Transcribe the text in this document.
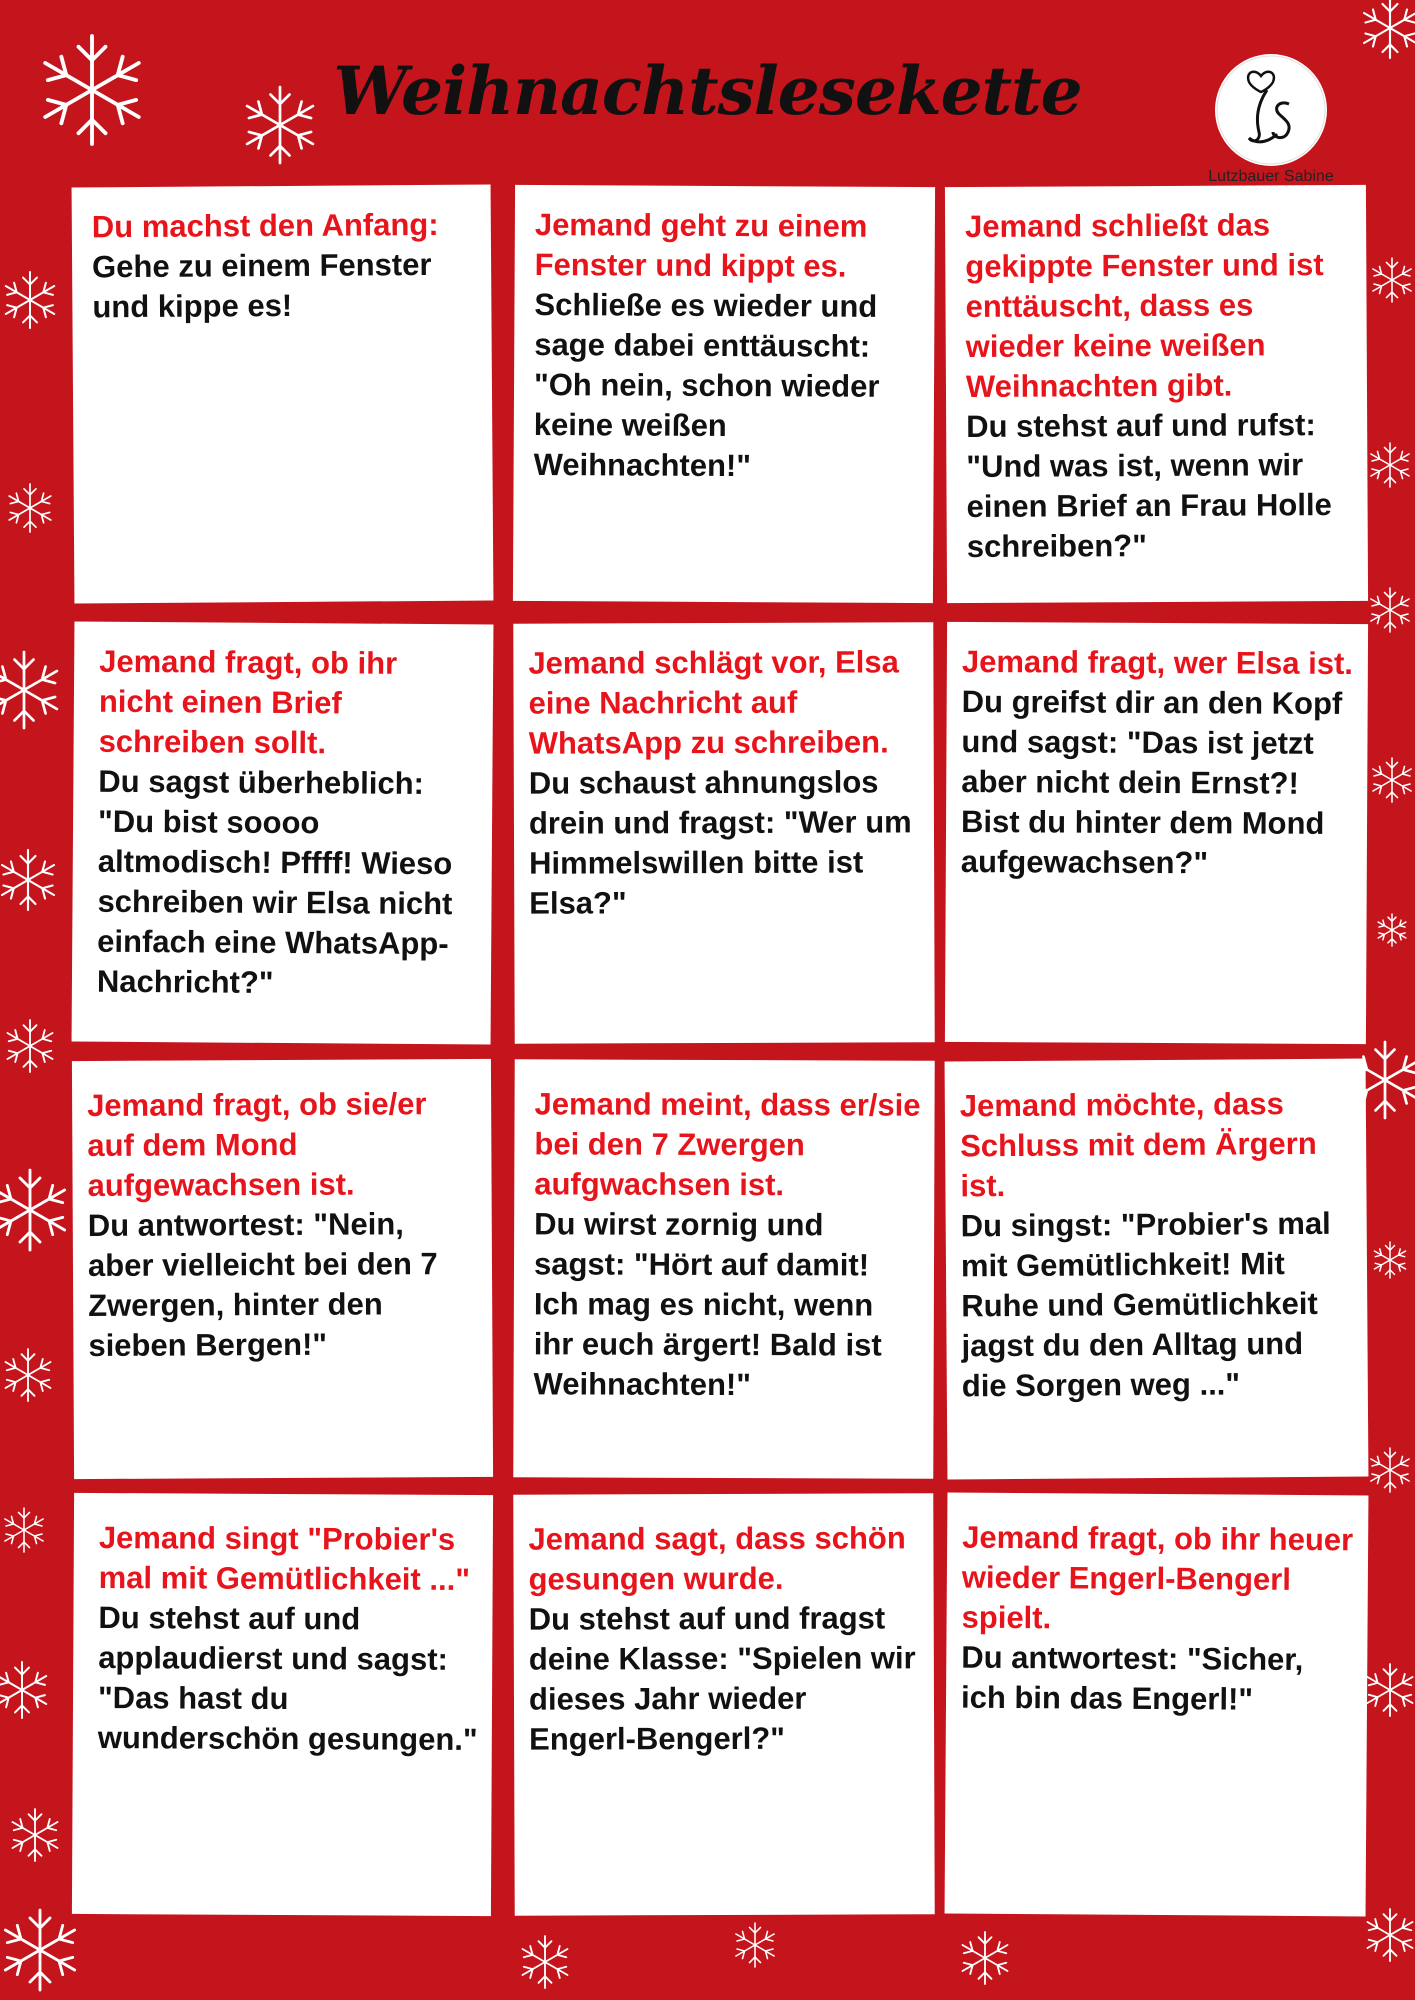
Weihnachtslesekette
Lutzbauer Sabine

Du machst den Anfang:

Gehe zu einem Fenster und kippe es!

Jemand geht zu einem Fenster und kippt es.

Schließe es wieder und sage dabei enttäuscht: "Oh nein, schon wieder keine weißen Weihnachten!"

Jemand schließt das gekippte Fenster und ist enttäuscht, dass es wieder keine weißen Weihnachten gibt.

Du stehst auf und rufst: "Und was ist, wenn wir einen Brief an Frau Holle schreiben?"

Jemand fragt, ob ihr nicht einen Brief schreiben sollt.

Du sagst überheblich: "Du bist soooo altmodisch! Pffff! Wieso schreiben wir Elsa nicht einfach eine WhatsApp-Nachricht?"

Jemand schlägt vor, Elsa eine Nachricht auf WhatsApp zu schreiben.

Du schaust ahnungslos drein und fragst: "Wer um Himmelswillen bitte ist Elsa?"

Jemand fragt, wer Elsa ist.

Du greifst dir an den Kopf und sagst: "Das ist jetzt aber nicht dein Ernst?! Bist du hinter dem Mond aufgewachsen?"

Jemand fragt, ob sie/er auf dem Mond aufgewachsen ist.

Du antwortest: "Nein, aber vielleicht bei den 7 Zwergen, hinter den sieben Bergen!"

Jemand meint, dass er/sie bei den 7 Zwergen aufgwachsen ist.

Du wirst zornig und sagst: "Hört auf damit! Ich mag es nicht, wenn ihr euch ärgert! Bald ist Weihnachten!"

Jemand möchte, dass Schluss mit dem Ärgern ist.

Du singst: "Probier's mal mit Gemütlichkeit! Mit Ruhe und Gemütlichkeit jagst du den Alltag und die Sorgen weg ..."

Jemand singt "Probier's mal mit Gemütlichkeit ..."

Du stehst auf und applaudierst und sagst: "Das hast du wunderschön gesungen."

Jemand sagt, dass schön gesungen wurde.

Du stehst auf und fragst deine Klasse: "Spielen wir dieses Jahr wieder Engerl-Bengerl?"

Jemand fragt, ob ihr heuer wieder Engerl-Bengerl spielt.

Du antwortest: "Sicher, ich bin das Engerl!"
